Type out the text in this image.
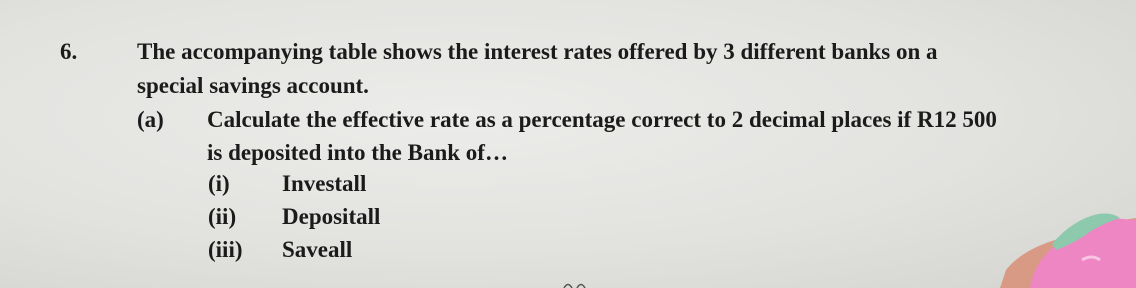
6.	The accompanying table shows the interest rates offered by 3 different banks on a
special savings account.
(a) Calculate the effective rate as a percentage correct to 2 decimal places if R12 500
is deposited into the Bank of…
(i) Investall
(ii) Depositall
(iii) Saveall
